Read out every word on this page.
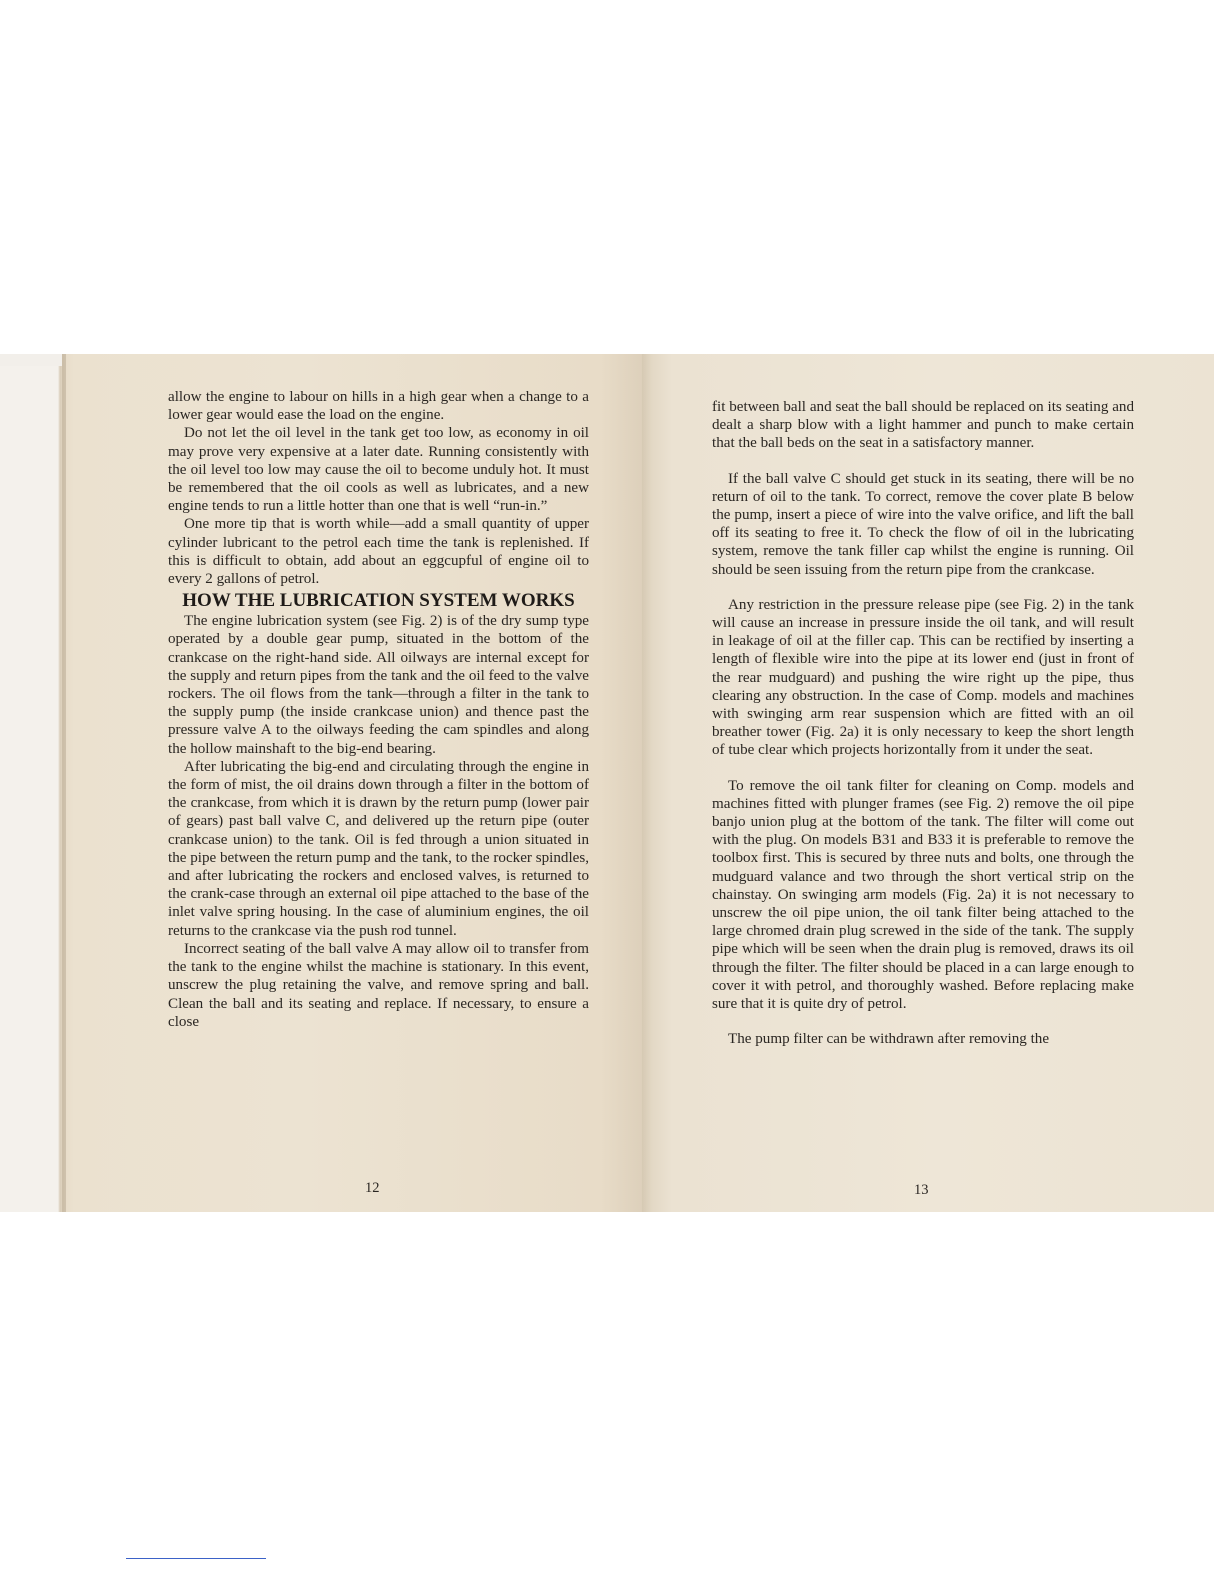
allow the engine to labour on hills in a high gear when a change to a lower gear would ease the load on the engine.

Do not let the oil level in the tank get too low, as economy in oil may prove very expensive at a later date. Running consistently with the oil level too low may cause the oil to become unduly hot. It must be remembered that the oil cools as well as lubricates, and a new engine tends to run a little hotter than one that is well “run-in.”

One more tip that is worth while—add a small quantity of upper cylinder lubricant to the petrol each time the tank is replenished. If this is difficult to obtain, add about an eggcupful of engine oil to every 2 gallons of petrol.

HOW THE LUBRICATION SYSTEM WORKS

The engine lubrication system (see Fig. 2) is of the dry sump type operated by a double gear pump, situated in the bottom of the crankcase on the right-hand side. All oilways are internal except for the supply and return pipes from the tank and the oil feed to the valve rockers. The oil flows from the tank—through a filter in the tank to the supply pump (the inside crankcase union) and thence past the pressure valve A to the oilways feeding the cam spindles and along the hollow mainshaft to the big-end bearing.

After lubricating the big-end and circulating through the engine in the form of mist, the oil drains down through a filter in the bottom of the crankcase, from which it is drawn by the return pump (lower pair of gears) past ball valve C, and delivered up the return pipe (outer crankcase union) to the tank. Oil is fed through a union situated in the pipe between the return pump and the tank, to the rocker spindles, and after lubricating the rockers and enclosed valves, is returned to the crank-case through an external oil pipe attached to the base of the inlet valve spring housing. In the case of aluminium engines, the oil returns to the crankcase via the push rod tunnel.

Incorrect seating of the ball valve A may allow oil to transfer from the tank to the engine whilst the machine is stationary. In this event, unscrew the plug retaining the valve, and remove spring and ball. Clean the ball and its seating and replace. If necessary, to ensure a close

12

fit between ball and seat the ball should be replaced on its seating and dealt a sharp blow with a light hammer and punch to make certain that the ball beds on the seat in a satisfactory manner.

If the ball valve C should get stuck in its seating, there will be no return of oil to the tank. To correct, remove the cover plate B below the pump, insert a piece of wire into the valve orifice, and lift the ball off its seating to free it. To check the flow of oil in the lubricating system, remove the tank filler cap whilst the engine is running. Oil should be seen issuing from the return pipe from the crankcase.

Any restriction in the pressure release pipe (see Fig. 2) in the tank will cause an increase in pressure inside the oil tank, and will result in leakage of oil at the filler cap. This can be rectified by inserting a length of flexible wire into the pipe at its lower end (just in front of the rear mudguard) and pushing the wire right up the pipe, thus clearing any obstruction. In the case of Comp. models and machines with swinging arm rear suspension which are fitted with an oil breather tower (Fig. 2a) it is only necessary to keep the short length of tube clear which projects horizontally from it under the seat.

To remove the oil tank filter for cleaning on Comp. models and machines fitted with plunger frames (see Fig. 2) remove the oil pipe banjo union plug at the bottom of the tank. The filter will come out with the plug. On models B31 and B33 it is preferable to remove the toolbox first. This is secured by three nuts and bolts, one through the mudguard valance and two through the short vertical strip on the chainstay. On swinging arm models (Fig. 2a) it is not necessary to unscrew the oil pipe union, the oil tank filter being attached to the large chromed drain plug screwed in the side of the tank. The supply pipe which will be seen when the drain plug is removed, draws its oil through the filter. The filter should be placed in a can large enough to cover it with petrol, and thoroughly washed. Before replacing make sure that it is quite dry of petrol.

The pump filter can be withdrawn after removing the

13
